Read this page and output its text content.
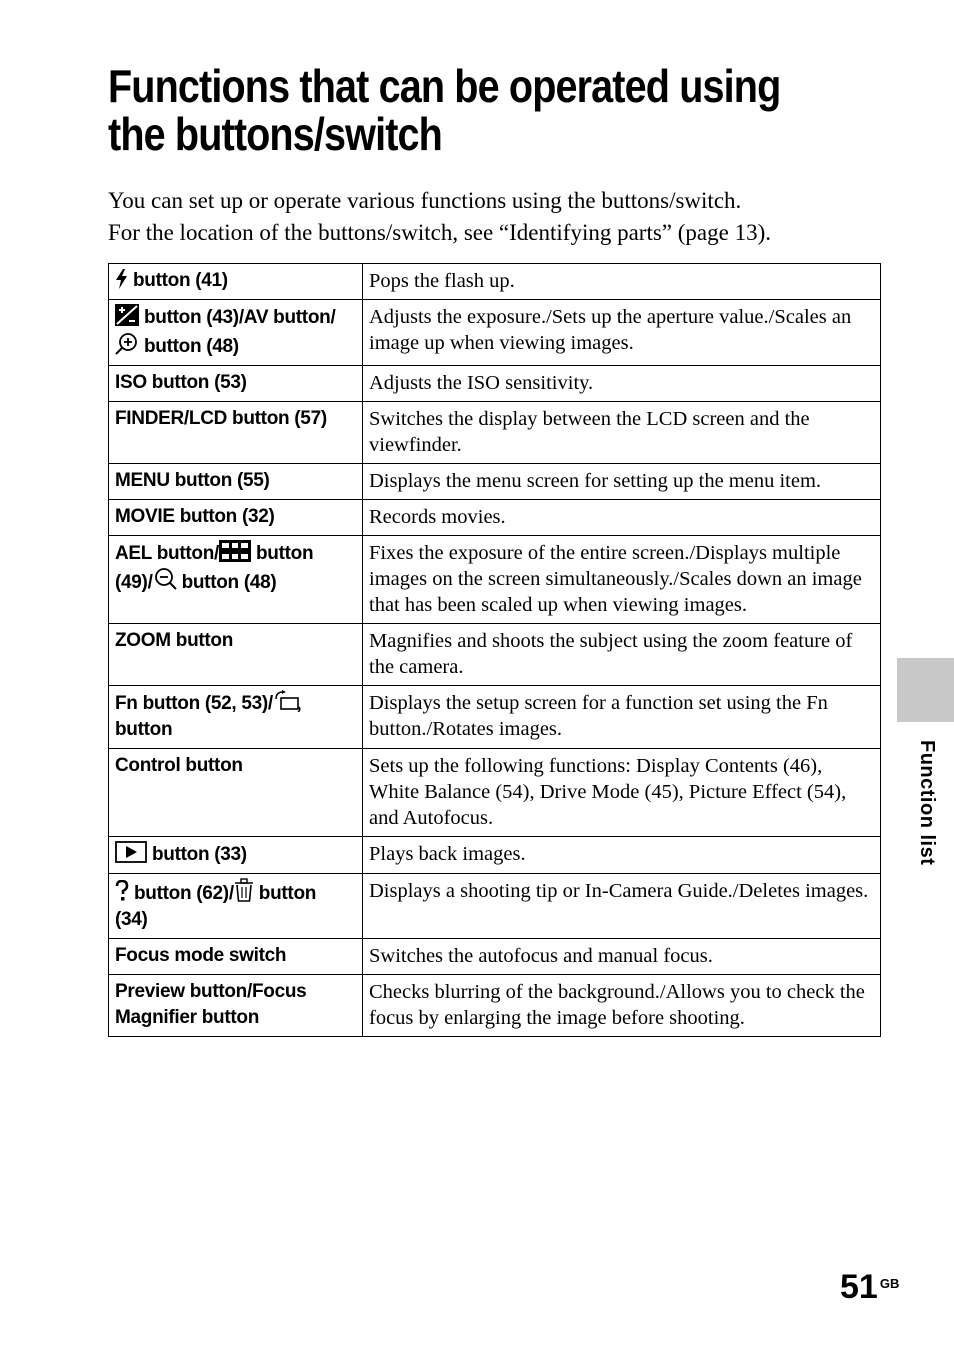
Functions that can be operated using
the buttons/switch

You can set up or operate various functions using the buttons/switch.
For the location of the buttons/switch, see “Identifying parts” (page 13).

button (41)	Pops the flash up.

button (43)/AV button/

button (48)	Adjusts the exposure./Sets up the aperture value./Scales an image up when viewing images.
ISO button (53)	Adjusts the ISO sensitivity.
FINDER/LCD button (57)	Switches the display between the LCD screen and the viewfinder.
MENU button (55)	Displays the menu screen for setting up the menu item.
MOVIE button (32)	Records movies.
AEL button/ button
(49)/ button (48)	Fixes the exposure of the entire screen./Displays multiple images on the screen simultaneously./Scales down an image that has been scaled up when viewing images.
ZOOM button	Magnifies and shoots the subject using the zoom feature of the camera.
Fn button (52, 53)/

button	Displays the setup screen for a function set using the Fn button./Rotates images.
Control button	Sets up the following functions: Display Contents (46), White Balance (54), Drive Mode (45), Picture Effect (54), and Autofocus.

button (33)	Plays back images.

button (62)/ button
(34)	Displays a shooting tip or In-Camera Guide./Deletes images.
Focus mode switch	Switches the autofocus and manual focus.
Preview button/Focus
Magnifier button	Checks blurring of the background./Allows you to check the focus by enlarging the image before shooting.
Function list
51 $^{GB}$
